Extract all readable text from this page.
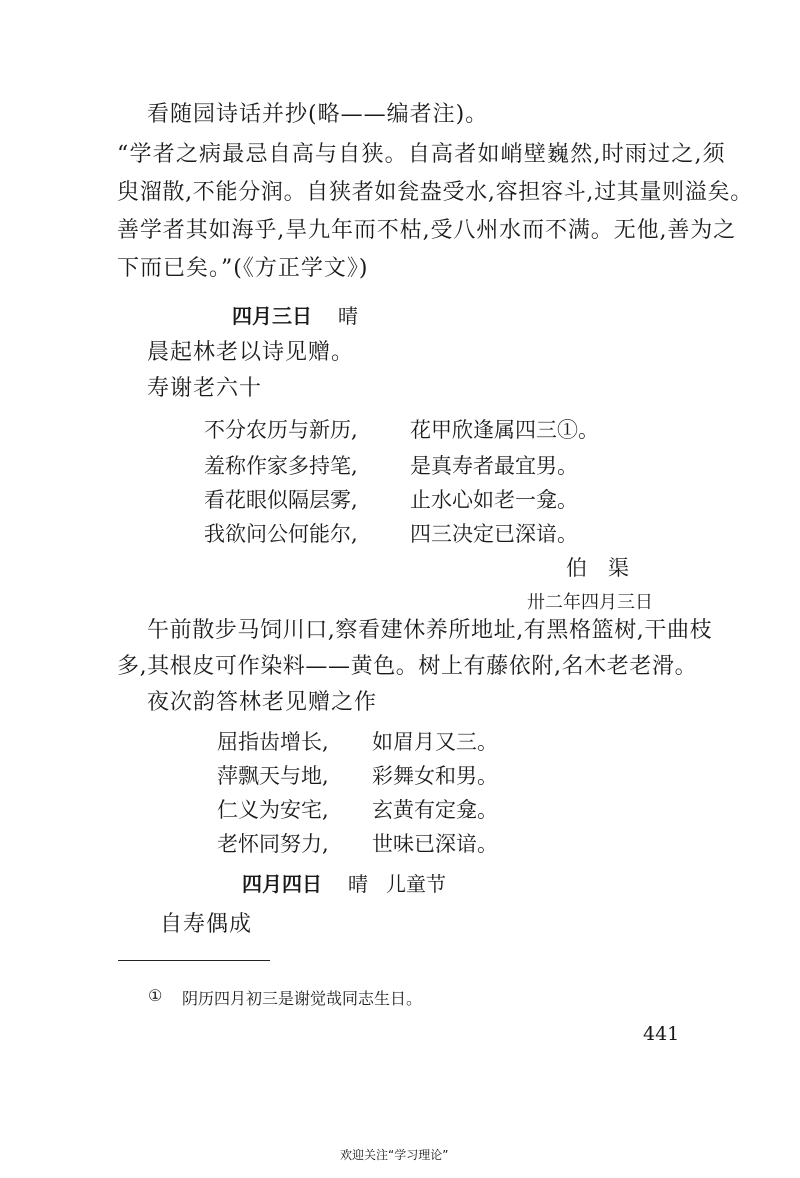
看随园诗话并抄(略——编者注)。
“学者之病最忌自高与自狭。自高者如峭壁巍然,时雨过之,须
臾溜散,不能分润。自狭者如瓮盎受水,容担容斗,过其量则溢矣。
善学者其如海乎,旱九年而不枯,受八州水而不满。无他,善为之
下而已矣。”(《方正学文》)
四月三日 晴
晨起林老以诗见赠。
寿谢老六十
不分农历与新历, 花甲欣逢属四三①。
羞称作家多持笔, 是真寿者最宜男。
看花眼似隔层雾, 止水心如老一龛。
我欲问公何能尔, 四三决定已深谙。
伯　渠
卅二年四月三日
午前散步马饲川口,察看建休养所地址,有黑格篮树,干曲枝
多,其根皮可作染料——黄色。树上有藤依附,名木老老滑。
夜次韵答林老见赠之作
屈指齿增长, 如眉月又三。
萍飘天与地, 彩舞女和男。
仁义为安宅, 玄黄有定龛。
老怀同努力, 世味已深谙。
四月四日 晴 儿童节
自寿偶成
① 阴历四月初三是谢觉哉同志生日。
441
欢迎关注“学习理论”
